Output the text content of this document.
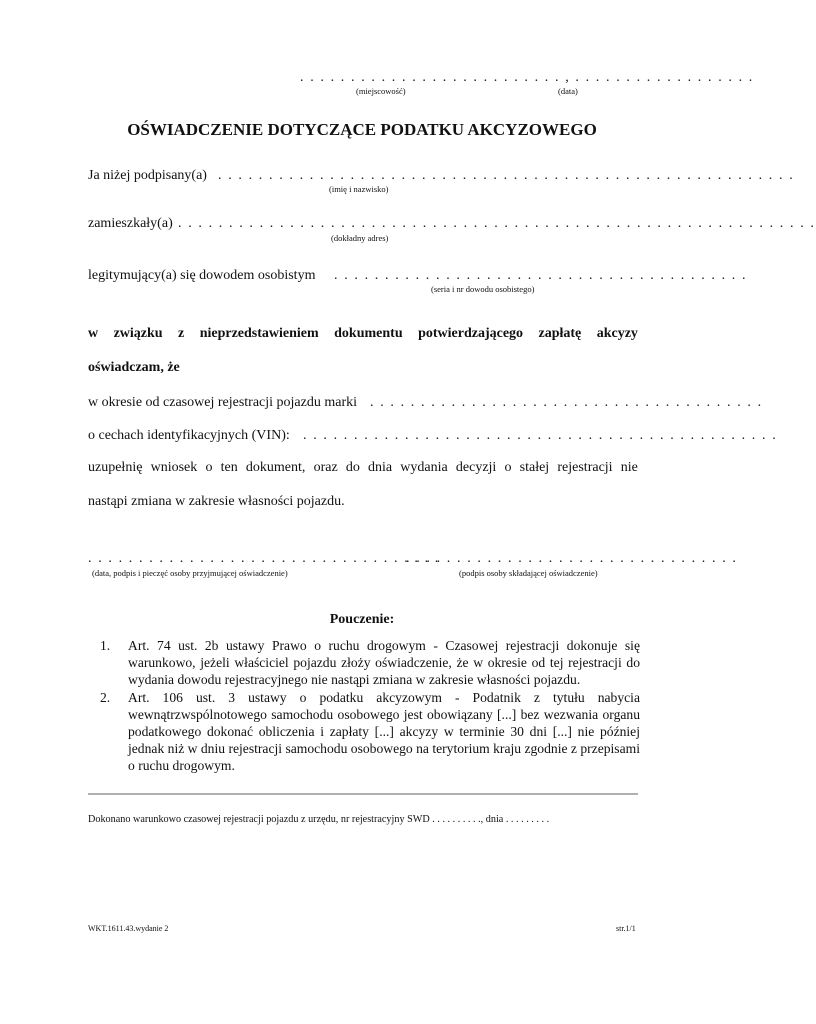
. . . . . . . . . . . . . . . . . . . . . . . . . . , . . . . . . . . . . . . . . . . . .
(miejscowość)	(data)
OŚWIADCZENIE DOTYCZĄCE PODATKU AKCYZOWEGO
Ja niżej podpisany(a) . . . . . . . . . . . . . . . . . . . . . . . . . . . . . . . . . . . . . . . . . . . . . . . . . . . . . . . . .
(imię i nazwisko)
zamieszkały(a) . . . . . . . . . . . . . . . . . . . . . . . . . . . . . . . . . . . . . . . . . . . . . . . . . . . . . . . . . . . . . . .
(dokładny adres)
legitymujący(a) się dowodem osobistym . . . . . . . . . . . . . . . . . . . . . . . . . . . . . . . . . . . . . . . . .
(seria i nr dowodu osobistego)
w związku z nieprzedstawieniem dokumentu potwierdzającego zapłatę akcyzy
oświadczam, że
w okresie od czasowej rejestracji pojazdu marki . . . . . . . . . . . . . . . . . . . . . . . . . . . . . . . . . . . . . . .
o cechach identyfikacyjnych (VIN): . . . . . . . . . . . . . . . . . . . . . . . . . . . . . . . . . . . . . . . . . . . . . . .
uzupełnię wniosek o ten dokument, oraz do dnia wydania decyzji o stałej rejestracji nie
nastąpi zmiana w zakresie własności pojazdu.
. . . . . . . . . . . . . . . . . . . . . . . . . . . . . . . . . . .
(data, podpis i pieczęć osoby przyjmującej oświadczenie)
. . . . . . . . . . . . . . . . . . . . . . . . . . . . . . . . .
(podpis osoby składającej oświadczenie)
Pouczenie:
1. Art. 74 ust. 2b ustawy Prawo o ruchu drogowym - Czasowej rejestracji dokonuje się warunkowo, jeżeli właściciel pojazdu złoży oświadczenie, że w okresie od tej rejestracji do wydania dowodu rejestracyjnego nie nastąpi zmiana w zakresie własności pojazdu.
2. Art. 106 ust. 3 ustawy o podatku akcyzowym - Podatnik z tytułu nabycia wewnątrzwspólnotowego samochodu osobowego jest obowiązany [...] bez wezwania organu podatkowego dokonać obliczenia i zapłaty [...] akcyzy w terminie 30 dni [...] nie później jednak niż w dniu rejestracji samochodu osobowego na terytorium kraju zgodnie z przepisami o ruchu drogowym.
Dokonano warunkowo czasowej rejestracji pojazdu z urzędu, nr rejestracyjny SWD . . . . . . . . . ., dnia . . . . . . . . .
WKT.1611.43.wydanie 2	str.1/1
